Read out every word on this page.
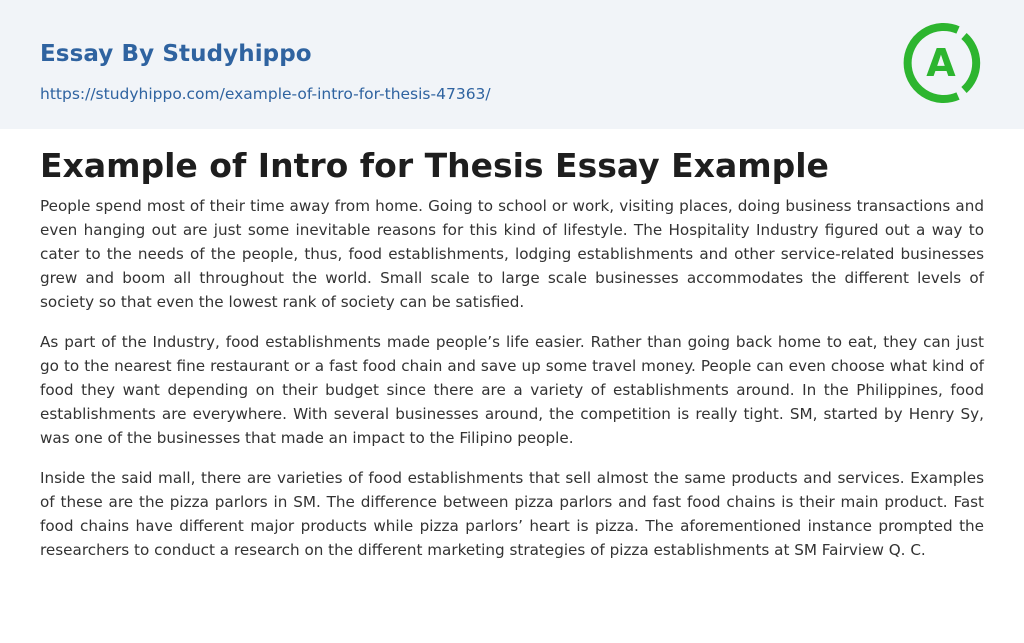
Essay By Studyhippo
https://studyhippo.com/example-of-intro-for-thesis-47363/
A
Example of Intro for Thesis Essay Example

People spend most of their time away from home. Going to school or work, visiting places, doing business transactions and even hanging out are just some inevitable reasons for this kind of lifestyle. The Hospitality Industry figured out a way to cater to the needs of the people, thus, food establishments, lodging establishments and other service-related businesses grew and boom all throughout the world. Small scale to large scale businesses accommodates the different levels of society so that even the lowest rank of society can be satisfied.

As part of the Industry, food establishments made people’s life easier. Rather than going back home to eat, they can just go to the nearest fine restaurant or a fast food chain and save up some travel money. People can even choose what kind of food they want depending on their budget since there are a variety of establishments around. In the Philippines, food establishments are everywhere. With several businesses around, the competition is really tight. SM, started by Henry Sy, was one of the businesses that made an impact to the Filipino people.

Inside the said mall, there are varieties of food establishments that sell almost the same products and services. Examples of these are the pizza parlors in SM. The difference between pizza parlors and fast food chains is their main product. Fast food chains have different major products while pizza parlors’ heart is pizza. The aforementioned instance prompted the researchers to conduct a research on the different marketing strategies of pizza establishments at SM Fairview Q. C.
